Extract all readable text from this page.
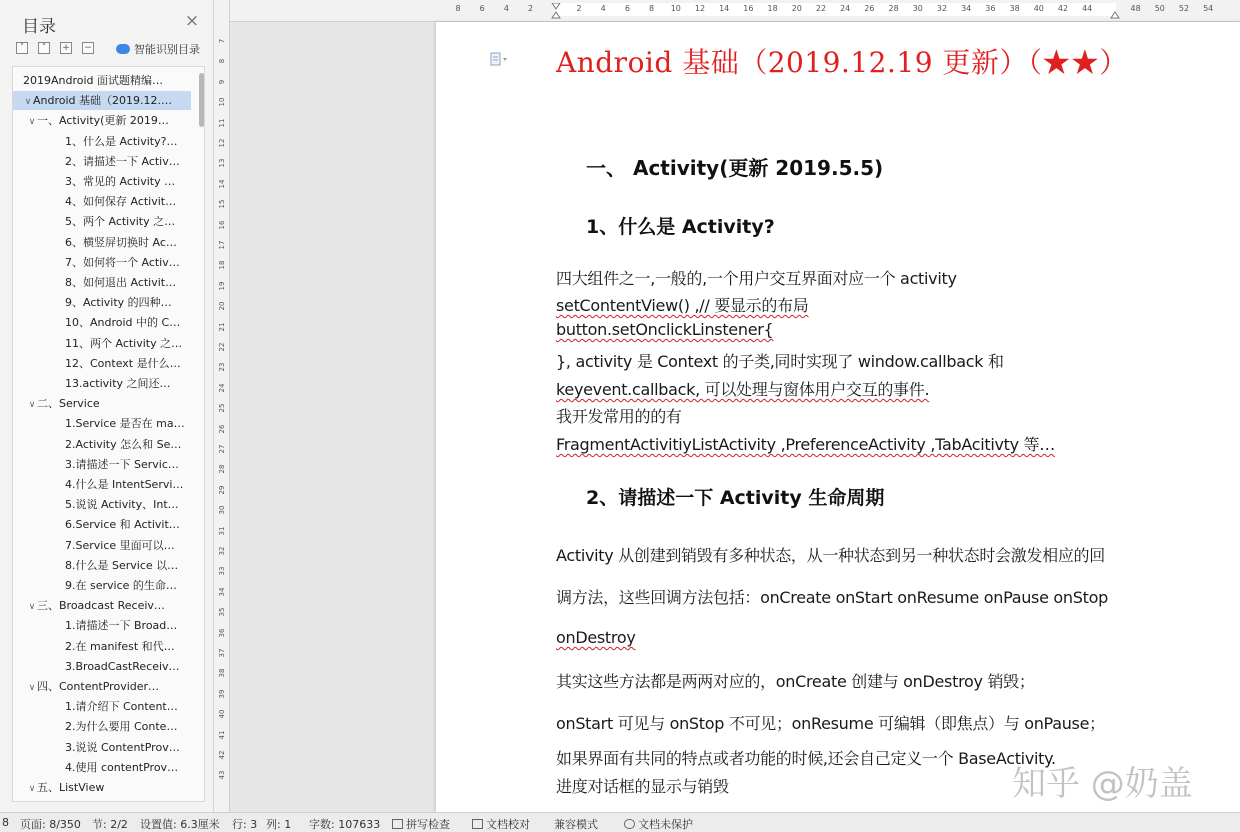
目录	×
˅	˄	+ −	智能识别目录
2019Android 面试题精编…
∨ Android 基础（2019.12.…
∨ 一、Activity(更新 2019…
1、什么是 Activity?…
2、请描述一下 Activ…
3、常见的 Activity …
4、如何保存 Activit…
5、两个 Activity 之…
6、横竖屏切换时 Ac…
7、如何将一个 Activ…
8、如何退出 Activit…
9、Activity 的四种…
10、Android 中的 C…
11、两个 Activity 之…
12、Context 是什么…
13.activity 之间还…
∨ 二、Service
1.Service 是否在 ma…
2.Activity 怎么和 Se…
3.请描述一下 Servic…
4.什么是 IntentServi…
5.说说 Activity、Int…
6.Service 和 Activit…
7.Service 里面可以…
8.什么是 Service 以…
9.在 service 的生命…
∨ 三、Broadcast Receiv…
1.请描述一下 Broad…
2.在 manifest 和代…
3.BroadCastReceiv…
∨ 四、ContentProvider…
1.请介绍下 Content…
2.为什么要用 Conte…
3.说说 ContentProv…
4.使用 contentProv…
∨ 五、ListView
7
8
9
10
11
12
13
14
15
16
17
18
19
20
21
22
23
24
25
26
27
28
29
30
31
32
33
34
35
36
37
38
39
40
41
42
43
8	6	4	2	2	4	6	8	10	12	14	16	18	20	22	24	26	28	30	32	34	36	38	40	42	44	48	50	52	54
Android 基础（2019.12.19 更新）（★★）
一、 Activity(更新 2019.5.5)
1、什么是 Activity?
四大组件之一,一般的,一个用户交互界面对应一个 activity
setContentView() ,// 要显示的布局
button.setOnclickLinstener{
}, activity 是 Context 的子类,同时实现了 window.callback 和
keyevent.callback, 可以处理与窗体用户交互的事件.
我开发常用的的有
FragmentActivitiyListActivity ,PreferenceActivity ,TabAcitivty 等…
2、请描述一下 Activity 生命周期
Activity 从创建到销毁有多种状态，从一种状态到另一种状态时会激发相应的回
调方法，这些回调方法包括：onCreate onStart onResume onPause onStop
onDestroy
其实这些方法都是两两对应的，onCreate 创建与 onDestroy 销毁；
onStart 可见与 onStop 不可见；onResume 可编辑（即焦点）与 onPause；
如果界面有共同的特点或者功能的时候,还会自己定义一个 BaseActivity.
进度对话框的显示与销毁	知乎 @奶盖
8 页面: 8/350 节: 2/2 设置值: 6.3厘米 行: 3 列: 1 字数: 107633	拼写检查	文档校对 兼容模式	文档未保护
